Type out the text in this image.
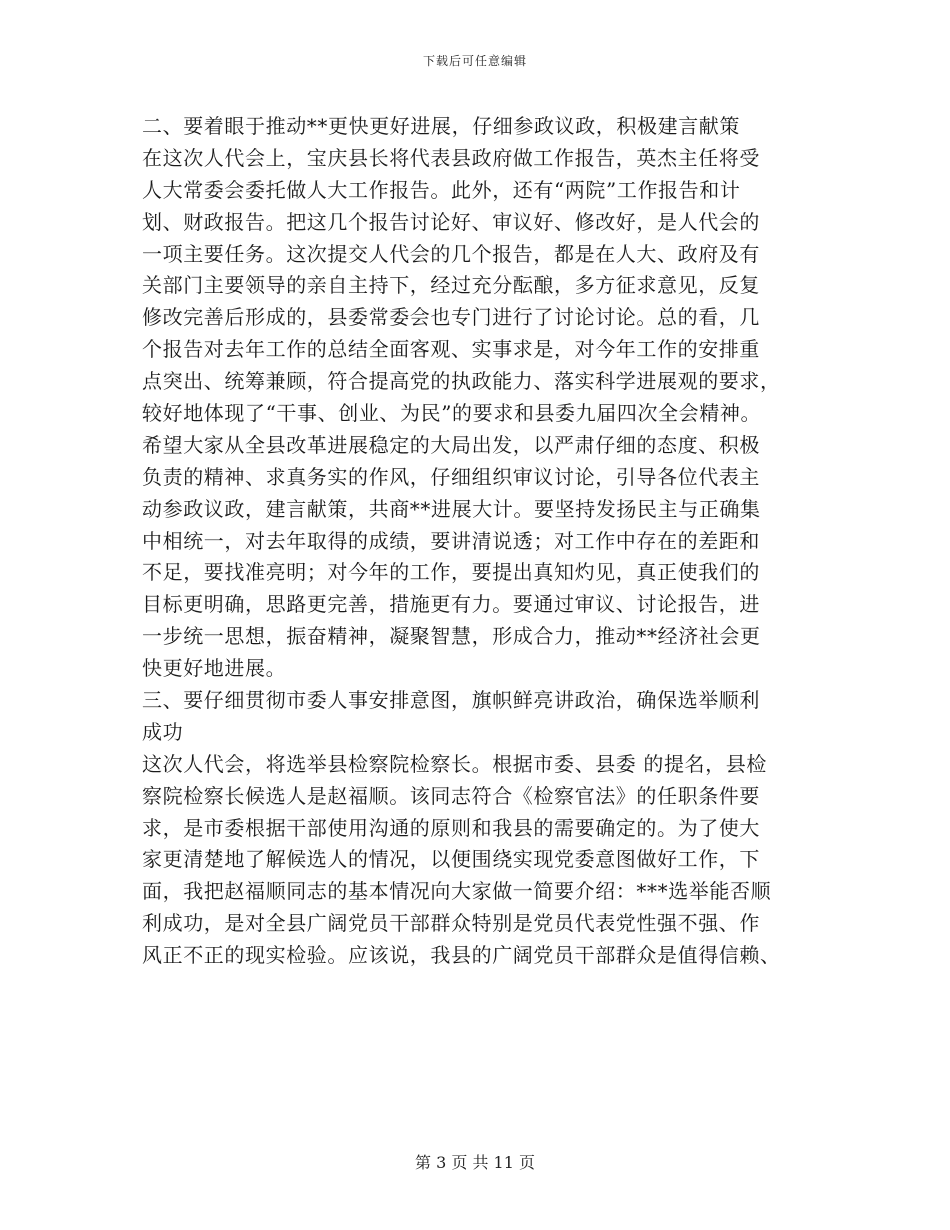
下载后可任意编辑
二、要着眼于推动**更快更好进展，仔细参政议政，积极建言献策
在这次人代会上，宝庆县长将代表县政府做工作报告，英杰主任将受
人大常委会委托做人大工作报告。此外，还有“两院”工作报告和计
划、财政报告。把这几个报告讨论好、审议好、修改好，是人代会的
一项主要任务。这次提交人代会的几个报告，都是在人大、政府及有
关部门主要领导的亲自主持下，经过充分酝酿，多方征求意见，反复
修改完善后形成的，县委常委会也专门进行了讨论讨论。总的看，几
个报告对去年工作的总结全面客观、实事求是，对今年工作的安排重
点突出、统筹兼顾，符合提高党的执政能力、落实科学进展观的要求，
较好地体现了“干事、创业、为民”的要求和县委九届四次全会精神。
希望大家从全县改革进展稳定的大局出发，以严肃仔细的态度、积极
负责的精神、求真务实的作风，仔细组织审议讨论，引导各位代表主
动参政议政，建言献策，共商**进展大计。要坚持发扬民主与正确集
中相统一，对去年取得的成绩，要讲清说透；对工作中存在的差距和
不足，要找准亮明；对今年的工作，要提出真知灼见，真正使我们的
目标更明确，思路更完善，措施更有力。要通过审议、讨论报告，进
一步统一思想，振奋精神，凝聚智慧，形成合力，推动**经济社会更
快更好地进展。
三、要仔细贯彻市委人事安排意图，旗帜鲜亮讲政治，确保选举顺利
成功
这次人代会，将选举县检察院检察长。根据市委、县委 的提名，县检
察院检察长候选人是赵福顺。该同志符合《检察官法》的任职条件要
求，是市委根据干部使用沟通的原则和我县的需要确定的。为了使大
家更清楚地了解候选人的情况，以便围绕实现党委意图做好工作，下
面，我把赵福顺同志的基本情况向大家做一简要介绍：***选举能否顺
利成功，是对全县广阔党员干部群众特别是党员代表党性强不强、作
风正不正的现实检验。应该说，我县的广阔党员干部群众是值得信赖、
第 3 页 共 11 页
